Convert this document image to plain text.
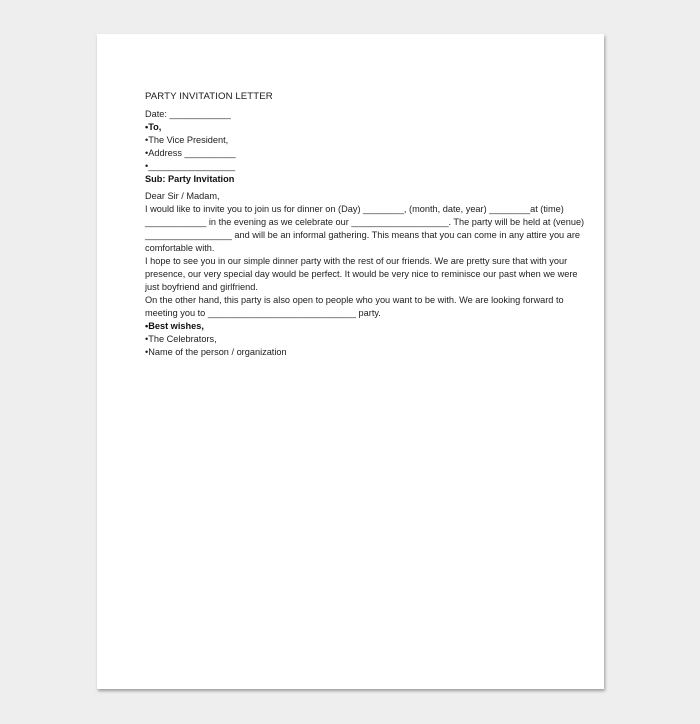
PARTY INVITATION LETTER
Date: ____________
•To,
•The Vice President,
•Address __________
•_________________
Sub: Party Invitation
Dear Sir / Madam,
I would like to invite you to join us for dinner on (Day) ________, (month, date, year) ________at (time)
____________ in the evening as we celebrate our ___________________. The party will be held at (venue)
_________________ and will be an informal gathering. This means that you can come in any attire you are
comfortable with.
I hope to see you in our simple dinner party with the rest of our friends. We are pretty sure that with your
presence, our very special day would be perfect. It would be very nice to reminisce our past when we were
just boyfriend and girlfriend.
On the other hand, this party is also open to people who you want to be with. We are looking forward to
meeting you to _____________________________ party.
•Best wishes,
•The Celebrators,
•Name of the person / organization
